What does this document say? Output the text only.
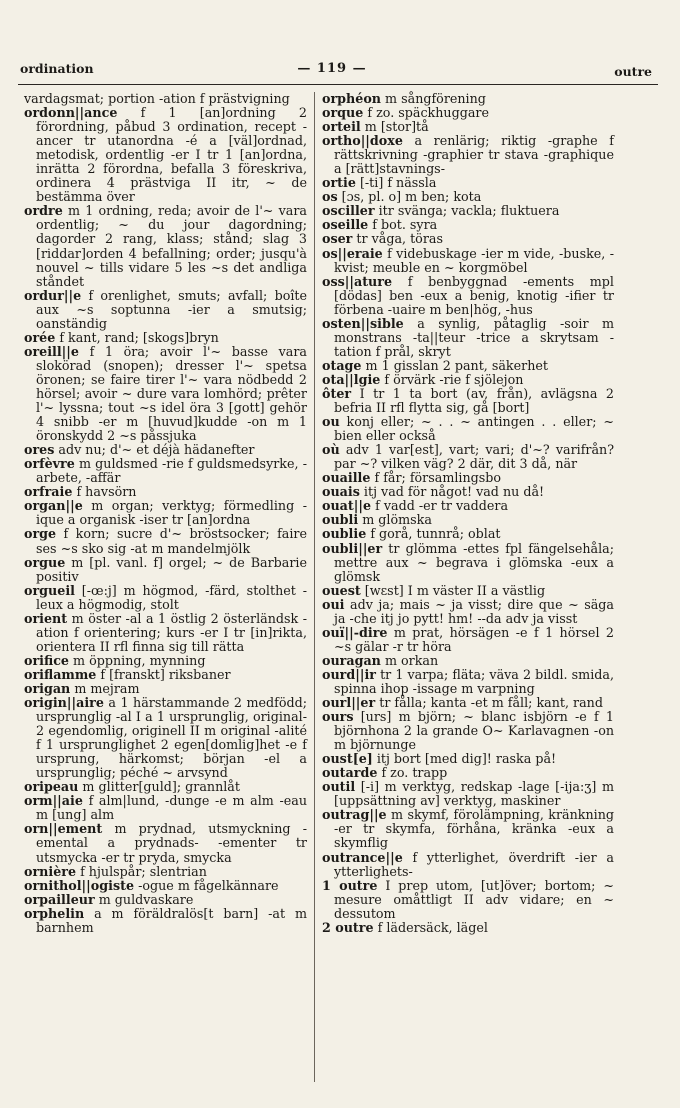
ordination	— 119 —	outre

vardagsmat; portion -ation f prästvigning

ordonn||ance f 1 [an]ordning 2 förordning, påbud 3 ordination, recept -ancer tr utanordna -é a [väl]ordnad, metodisk, ordentlig -er I tr 1 [an]ordna, inrätta 2 förordna, befalla 3 föreskriva, ordinera 4 prästviga II itr, ~ de bestämma över

ordre m 1 ordning, reda; avoir de l'~ vara ordentlig; ~ du jour dagordning; dagorder 2 rang, klass; stånd; slag 3 [riddar]orden 4 befallning; order; jusqu'à nouvel ~ tills vidare 5 les ~s det andliga ståndet

ordur||e f orenlighet, smuts; avfall; boîte aux ~s soptunna -ier a smutsig; oanständig

orée f kant, rand; [skogs]bryn

oreill||e f 1 öra; avoir l'~ basse vara slokörad (snopen); dresser l'~ spetsa öronen; se faire tirer l'~ vara nödbedd 2 hörsel; avoir ~ dure vara lomhörd; prêter l'~ lyssna; tout ~s idel öra 3 [gott] gehör 4 snibb -er m [huvud]kudde -on m 1 öronskydd 2 ~s påssjuka

ores adv nu; d'~ et déjà hädanefter

orfèvre m guldsmed -rie f guldsmedsyrke, -arbete, -affär

orfraie f havsörn

organ||e m organ; verktyg; förmedling -ique a organisk -iser tr [an]ordna

orge f korn; sucre d'~ bröstsocker; faire ses ~s sko sig -at m mandelmjölk

orgue m [pl. vanl. f] orgel; ~ de Barbarie positiv

orgueil [-œ:j] m högmod, -färd, stolthet -leux a högmodig, stolt

orient m öster -al a 1 östlig 2 österländsk -ation f orientering; kurs -er I tr [in]rikta, orientera II rfl finna sig till rätta

orifice m öppning, mynning

oriflamme f [franskt] riksbaner

origan m mejram

origin||aire a 1 härstammande 2 medfödd; ursprunglig -al I a 1 ursprunglig, original- 2 egendomlig, originell II m original -alité f 1 ursprunglighet 2 egen[domlig]het -e f ursprung, härkomst; början -el a ursprunglig; péché ~ arvsynd

oripeau m glitter[guld]; grannlåt

orm||aie f alm|lund, -dunge -e m alm -eau m [ung] alm

orn||ement m prydnad, utsmyckning -emental a prydnads- -ementer tr utsmycka -er tr pryda, smycka

ornière f hjulspår; slentrian

ornithol||ogiste -ogue m fågelkännare

orpailleur m guldvaskare

orphelin a m föräldralös[t barn] -at m barnhem

orphéon m sångförening

orque f zo. späckhuggare

orteil m [stor]tå

ortho||doxe a renlärig; riktig -graphe f rättskrivning -graphier tr stava -graphique a [rätt]stavnings-

ortie [-ti] f nässla

os [ɔs, pl. o] m ben; kota

osciller itr svänga; vackla; fluktuera

oseille f bot. syra

oser tr våga, töras

os||eraie f videbuskage -ier m vide, -buske, -kvist; meuble en ~ korgmöbel

oss||ature f benbyggnad -ements mpl [dödas] ben -eux a benig, knotig -ifier tr förbena -uaire m ben|hög, -hus

osten||sible a synlig, påtaglig -soir m monstrans -ta||teur -trice a skrytsam -tation f prål, skryt

otage m 1 gisslan 2 pant, säkerhet

ota||lgie f örvärk -rie f sjölejon

ôter I tr 1 ta bort (av, från), avlägsna 2 befria II rfl flytta sig, gå [bort]

ou konj eller; ~ . . ~ antingen . . eller; ~ bien eller också

où adv 1 var[est], vart; vari; d'~? varifrån? par ~? vilken väg? 2 där, dit 3 då, när

ouaille f får; församlingsbo

ouais itj vad för något! vad nu då!

ouat||e f vadd -er tr vaddera

oubli m glömska

oublie f gorå, tunnrå; oblat

oubli||er tr glömma -ettes fpl fängelsehåla; mettre aux ~ begrava i glömska -eux a glömsk

ouest [wɛst] I m väster II a västlig

oui adv ja; mais ~ ja visst; dire que ~ säga ja -che itj jo pytt! hm! --da adv ja visst

ouï||-dire m prat, hörsägen -e f 1 hörsel 2 ~s gälar -r tr höra

ouragan m orkan

ourd||ir tr 1 varpa; fläta; väva 2 bildl. smida, spinna ihop -issage m varpning

ourl||er tr fålla; kanta -et m fåll; kant, rand

ours [urs] m björn; ~ blanc isbjörn -e f 1 björnhona 2 la grande O~ Karlavagnen -on m björnunge

oust[e] itj bort [med dig]! raska på!

outarde f zo. trapp

outil [-i] m verktyg, redskap -lage [-ija:ʒ] m [uppsättning av] verktyg, maskiner

outrag||e m skymf, förolämpning, kränkning -er tr skymfa, förhåna, kränka -eux a skymflig

outrance||e f ytterlighet, överdrift -ier a ytterlighets-

1 outre I prep utom, [ut]över; bortom; ~ mesure omåttligt II adv vidare; en ~ dessutom

2 outre f lädersäck, lägel
